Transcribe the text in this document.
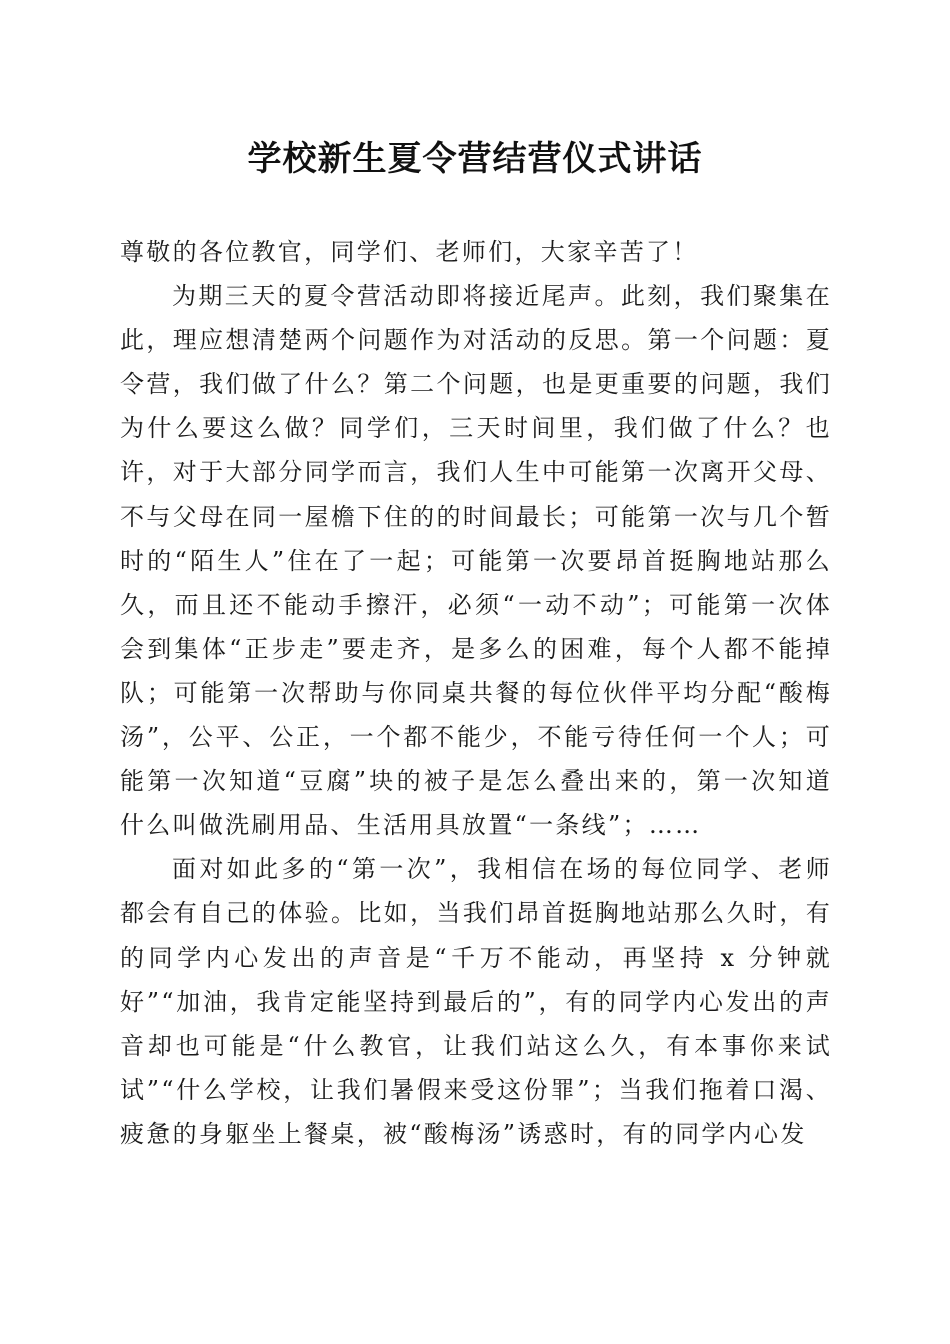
学校新生夏令营结营仪式讲话

尊敬的各位教官，同学们、老师们，大家辛苦了！

为期三天的夏令营活动即将接近尾声。此刻，我们聚集在此，理应想清楚两个问题作为对活动的反思。第一个问题：夏令营，我们做了什么？第二个问题，也是更重要的问题，我们为什么要这么做？同学们，三天时间里，我们做了什么？也许，对于大部分同学而言，我们人生中可能第一次离开父母、不与父母在同一屋檐下住的的时间最长；可能第一次与几个暂时的“陌生人”住在了一起；可能第一次要昂首挺胸地站那么久，而且还不能动手擦汗，必须“一动不动”；可能第一次体会到集体“正步走”要走齐，是多么的困难，每个人都不能掉队；可能第一次帮助与你同桌共餐的每位伙伴平均分配“酸梅汤”，公平、公正，一个都不能少，不能亏待任何一个人；可能第一次知道“豆腐”块的被子是怎么叠出来的，第一次知道什么叫做洗刷用品、生活用具放置“一条线”；……

面对如此多的“第一次”，我相信在场的每位同学、老师都会有自己的体验。比如，当我们昂首挺胸地站那么久时，有的同学内心发出的声音是“千万不能动，再坚持 x 分钟就好”“加油，我肯定能坚持到最后的”，有的同学内心发出的声音却也可能是“什么教官，让我们站这么久，有本事你来试试”“什么学校，让我们暑假来受这份罪”；当我们拖着口渴、疲惫的身躯坐上餐桌，被“酸梅汤”诱惑时，有的同学内心发
